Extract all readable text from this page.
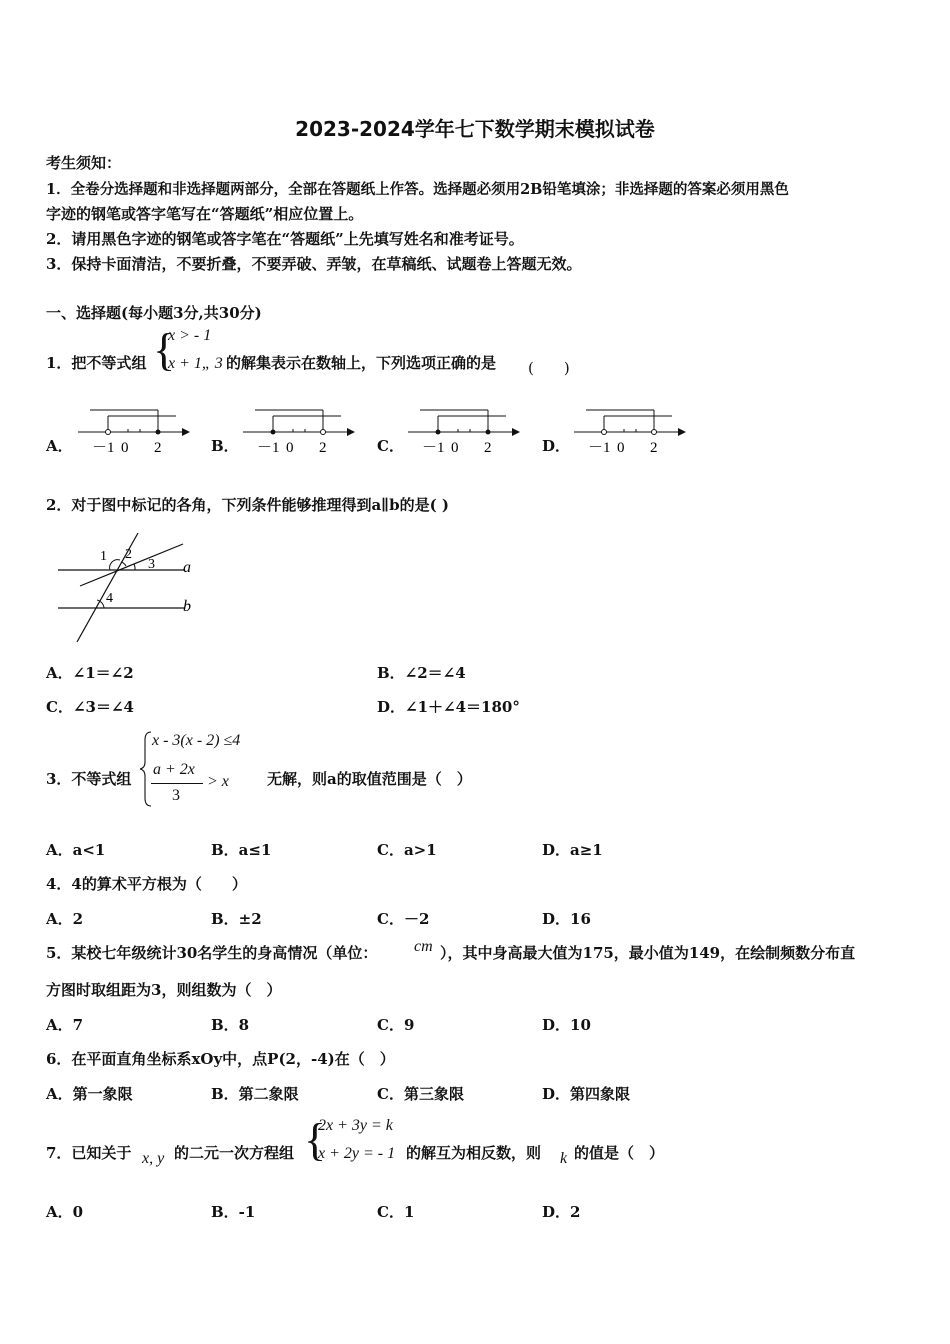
2023-2024学年七下数学期末模拟试卷
考生须知：
1．全卷分选择题和非选择题两部分，全部在答题纸上作答。选择题必须用2B铅笔填涂；非选择题的答案必须用黑色
字迹的钢笔或答字笔写在“答题纸”相应位置上。
2．请用黑色字迹的钢笔或答字笔在“答题纸”上先填写姓名和准考证号。
3．保持卡面清洁，不要折叠，不要弄破、弄皱，在草稿纸、试题卷上答题无效。
一、选择题(每小题3分,共30分)
1．把不等式组 {
x > - 1
x + 1„ 3 的解集表示在数轴上，下列选项正确的是 (　　)
A． －1 0 2	B． －1 0 2	C． －1 0 2	D． －1 0 2
2．对于图中标记的各角，下列条件能够推理得到a∥b的是( )
1 2
3
4
a
b
A．∠1＝∠2	B．∠2＝∠4
C．∠3＝∠4	D．∠1＋∠4＝180°
3．不等式组
x - 3(x - 2) ≤4
a + 2x
3
> x	无解，则a的取值范围是（　）
A．a<1	B．a≤1	C．a>1	D．a≥1
4．4的算术平方根为（　　）
A．2	B．±2	C．－2	D．16
5．某校七年级统计30名学生的身高情况（单位： cm ），其中身高最大值为175，最小值为149，在绘制频数分布直
方图时取组距为3，则组数为（　）
A．7	B．8	C．9	D．10
6．在平面直角坐标系xOy中，点P(2，-4)在（　）
A．第一象限	B．第二象限	C．第三象限	D．第四象限
7．已知关于 x, y 的二元一次方程组 {
2x + 3y = k
x + 2y = - 1 的解互为相反数，则 k 的值是（　）
A．0	B．-1	C．1	D．2
